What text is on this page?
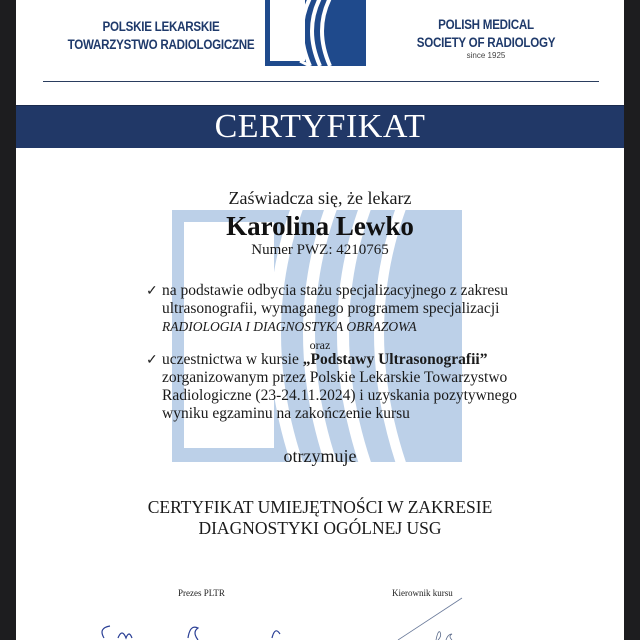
POLSKIE LEKARSKIE
TOWARZYSTWO RADIOLOGICZNE
POLISH MEDICAL
SOCIETY OF RADIOLOGY
since 1925
CERTYFIKAT
Zaświadcza się, że lekarz
Karolina Lewko
Numer PWZ: 4210765
✓ na podstawie odbycia stażu specjalizacyjnego z zakresu
ultrasonografii, wymaganego programem specjalizacji
RADIOLOGIA I DIAGNOSTYKA OBRAZOWA
oraz
✓ uczestnictwa w kursie „Podstawy Ultrasonografii”
zorganizowanym przez Polskie Lekarskie Towarzystwo
Radiologiczne (23-24.11.2024) i uzyskania pozytywnego
wyniku egzaminu na zakończenie kursu
otrzymuje
CERTYFIKAT UMIEJĘTNOŚCI W ZAKRESIE
DIAGNOSTYKI OGÓLNEJ USG
Prezes PLTR	Kierownik kursu
